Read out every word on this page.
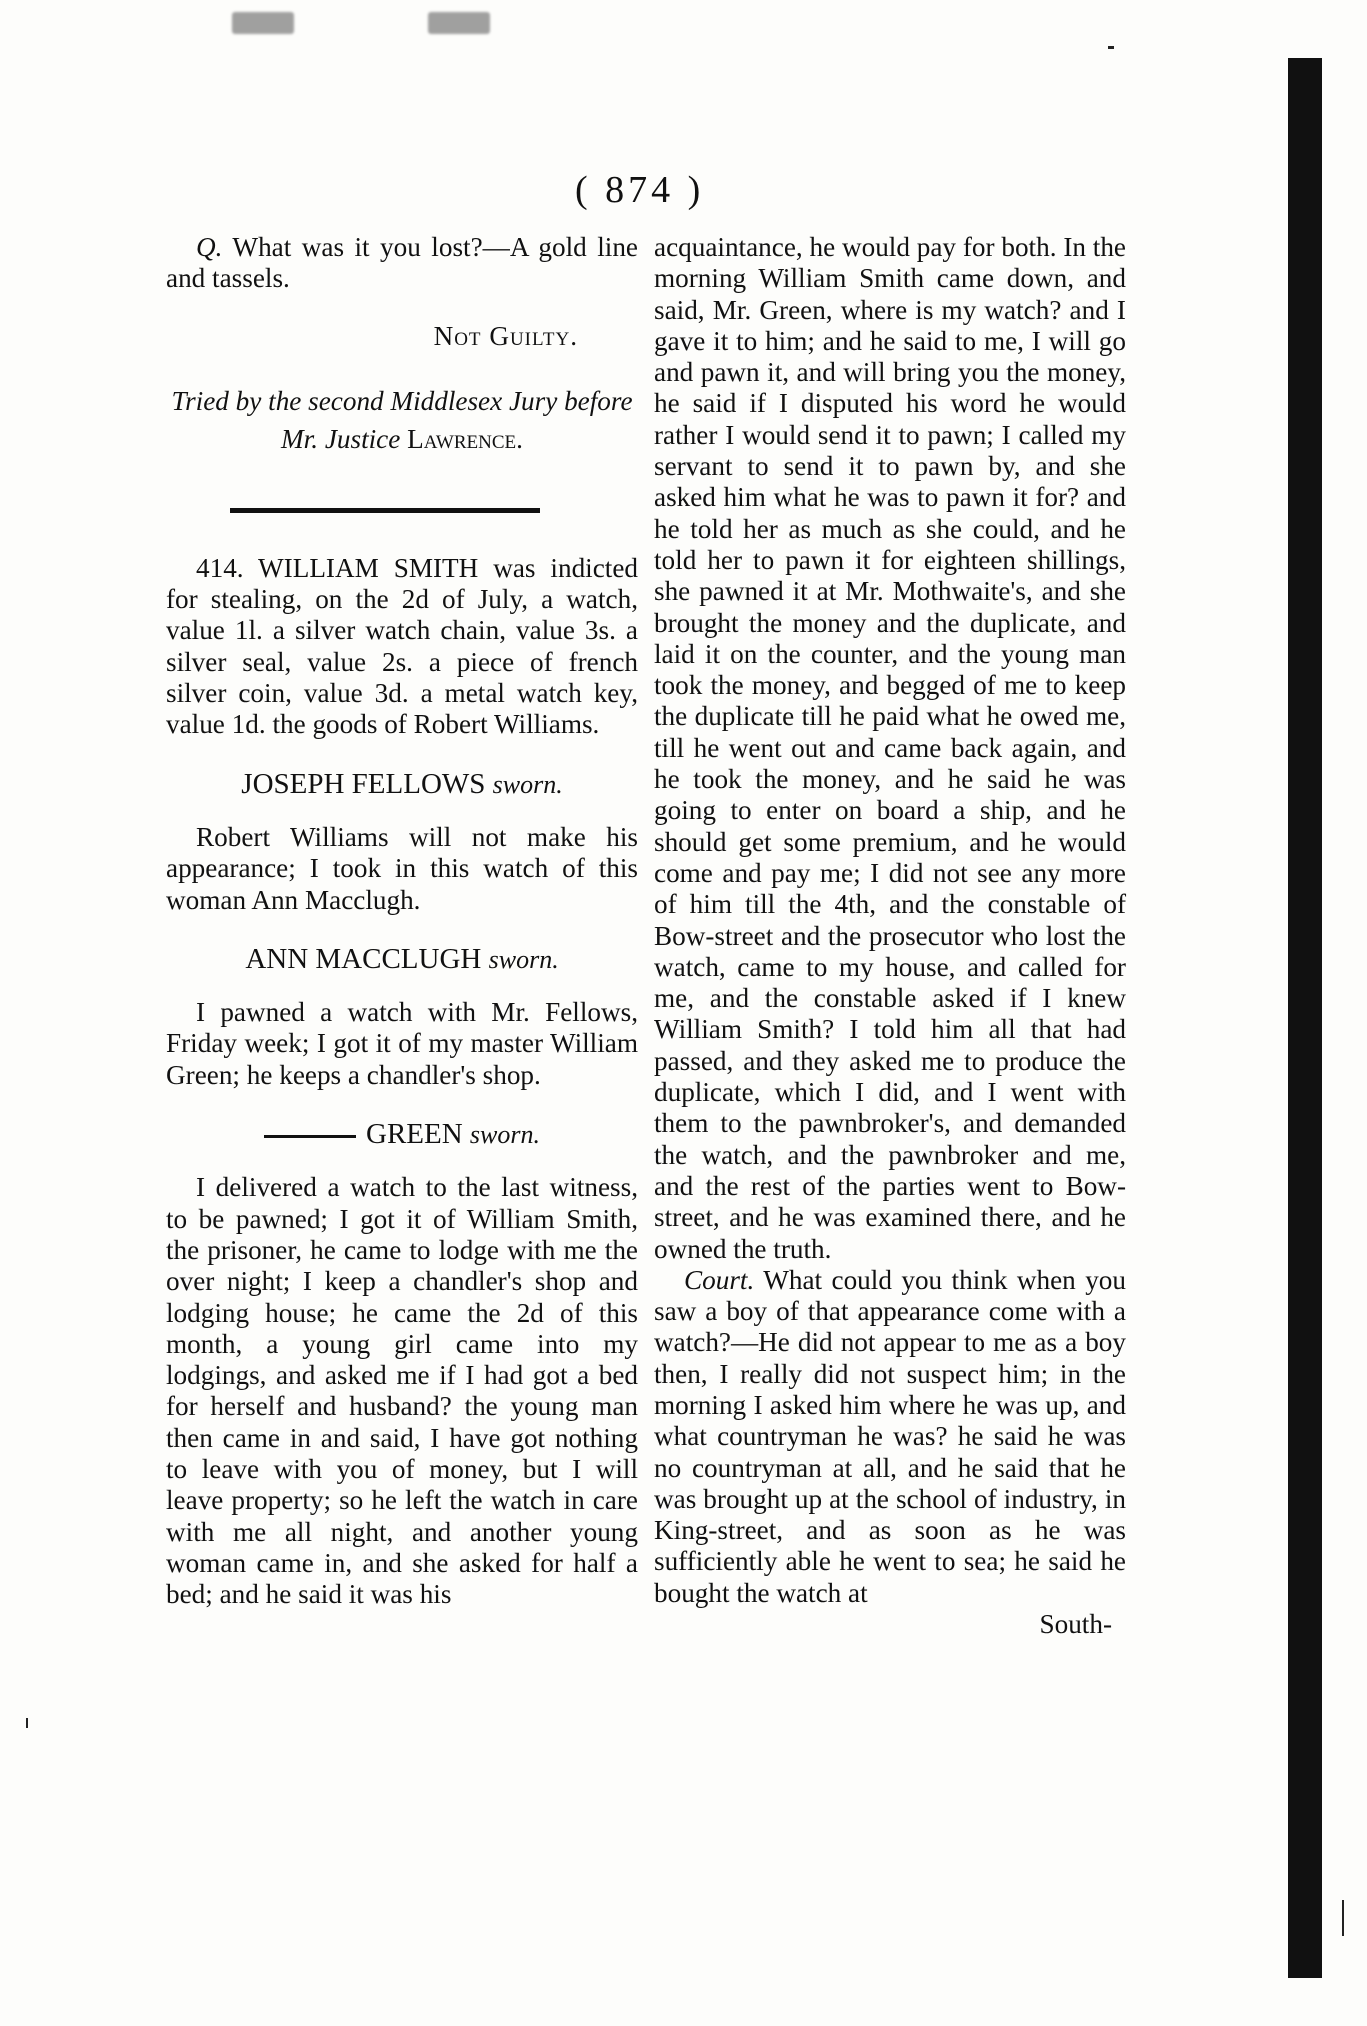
( 874 )

Q. What was it you lost?—A gold line and tassels.

Not Guilty.

Tried by the second Middlesex Jury before
Mr. Justice Lawrence.

414. WILLIAM SMITH was indicted for stealing, on the 2d of July, a watch, value 1l. a silver watch chain, value 3s. a silver seal, value 2s. a piece of french silver coin, value 3d. a metal watch key, value 1d. the goods of Robert Williams.

JOSEPH FELLOWS sworn.

Robert Williams will not make his appearance; I took in this watch of this woman Ann Macclugh.

ANN MACCLUGH sworn.

I pawned a watch with Mr. Fellows, Friday week; I got it of my master William Green; he keeps a chandler's shop.

GREEN sworn.

I delivered a watch to the last witness, to be pawned; I got it of William Smith, the prisoner, he came to lodge with me the over night; I keep a chandler's shop and lodging house; he came the 2d of this month, a young girl came into my lodgings, and asked me if I had got a bed for herself and husband? the young man then came in and said, I have got nothing to leave with you of money, but I will leave property; so he left the watch in care with me all night, and another young woman came in, and she asked for half a bed; and he said it was his

acquaintance, he would pay for both. In the morning William Smith came down, and said, Mr. Green, where is my watch? and I gave it to him; and he said to me, I will go and pawn it, and will bring you the money, he said if I disputed his word he would rather I would send it to pawn; I called my servant to send it to pawn by, and she asked him what he was to pawn it for? and he told her as much as she could, and he told her to pawn it for eighteen shillings, she pawned it at Mr. Mothwaite's, and she brought the money and the duplicate, and laid it on the counter, and the young man took the money, and begged of me to keep the duplicate till he paid what he owed me, till he went out and came back again, and he took the money, and he said he was going to enter on board a ship, and he should get some premium, and he would come and pay me; I did not see any more of him till the 4th, and the constable of Bow-street and the prosecutor who lost the watch, came to my house, and called for me, and the constable asked if I knew William Smith? I told him all that had passed, and they asked me to produce the duplicate, which I did, and I went with them to the pawnbroker's, and demanded the watch, and the pawnbroker and me, and the rest of the parties went to Bow-street, and he was examined there, and he owned the truth.

Court. What could you think when you saw a boy of that appearance come with a watch?—He did not appear to me as a boy then, I really did not suspect him; in the morning I asked him where he was up, and what countryman he was? he said he was no countryman at all, and he said that he was brought up at the school of industry, in King-street, and as soon as he was sufficiently able he went to sea; he said he bought the watch at

South-
